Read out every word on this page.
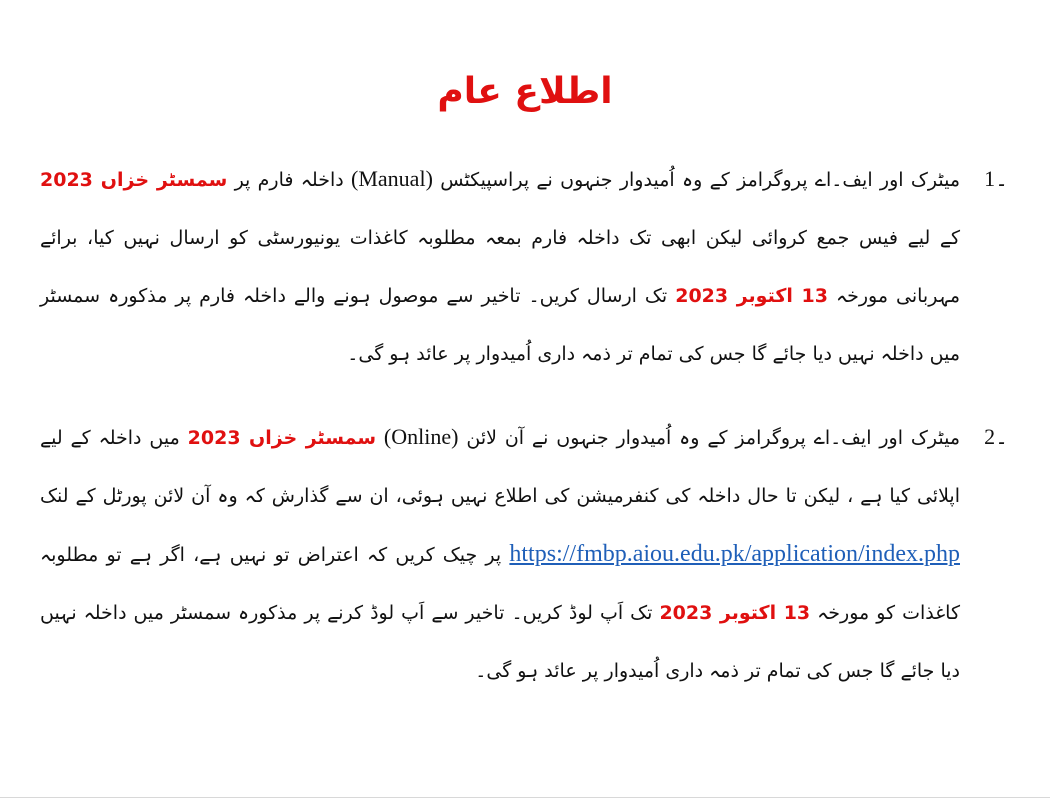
اطلاع عام
1۔
میٹرک اور ایف۔اے پروگرامز کے وہ اُمیدوار جنہوں نے پراسپیکٹس (Manual) داخلہ فارم پر سمسٹر خزاں 2023 کے لیے فیس جمع کروائی لیکن ابھی تک داخلہ فارم بمعہ مطلوبہ کاغذات یونیورسٹی کو ارسال نہیں کیا، برائے مہربانی مورخہ 13 اکتوبر 2023 تک ارسال کریں۔ تاخیر سے موصول ہونے والے داخلہ فارم پر مذکورہ سمسٹر میں داخلہ نہیں دیا جائے گا جس کی تمام تر ذمہ داری اُمیدوار پر عائد ہو گی۔
2۔
میٹرک اور ایف۔اے پروگرامز کے وہ اُمیدوار جنہوں نے آن لائن (Online) سمسٹر خزاں 2023 میں داخلہ کے لیے اپلائی کیا ہے ، لیکن تا حال داخلہ کی کنفرمیشن کی اطلاع نہیں ہوئی، ان سے گذارش کہ وہ آن لائن پورٹل کے لنک https://fmbp.aiou.edu.pk/application/index.php پر چیک کریں کہ اعتراض تو نہیں ہے، اگر ہے تو مطلوبہ کاغذات کو مورخہ 13 اکتوبر 2023 تک اَپ لوڈ کریں۔ تاخیر سے اَپ لوڈ کرنے پر مذکورہ سمسٹر میں داخلہ نہیں دیا جائے گا جس کی تمام تر ذمہ داری اُمیدوار پر عائد ہو گی۔
